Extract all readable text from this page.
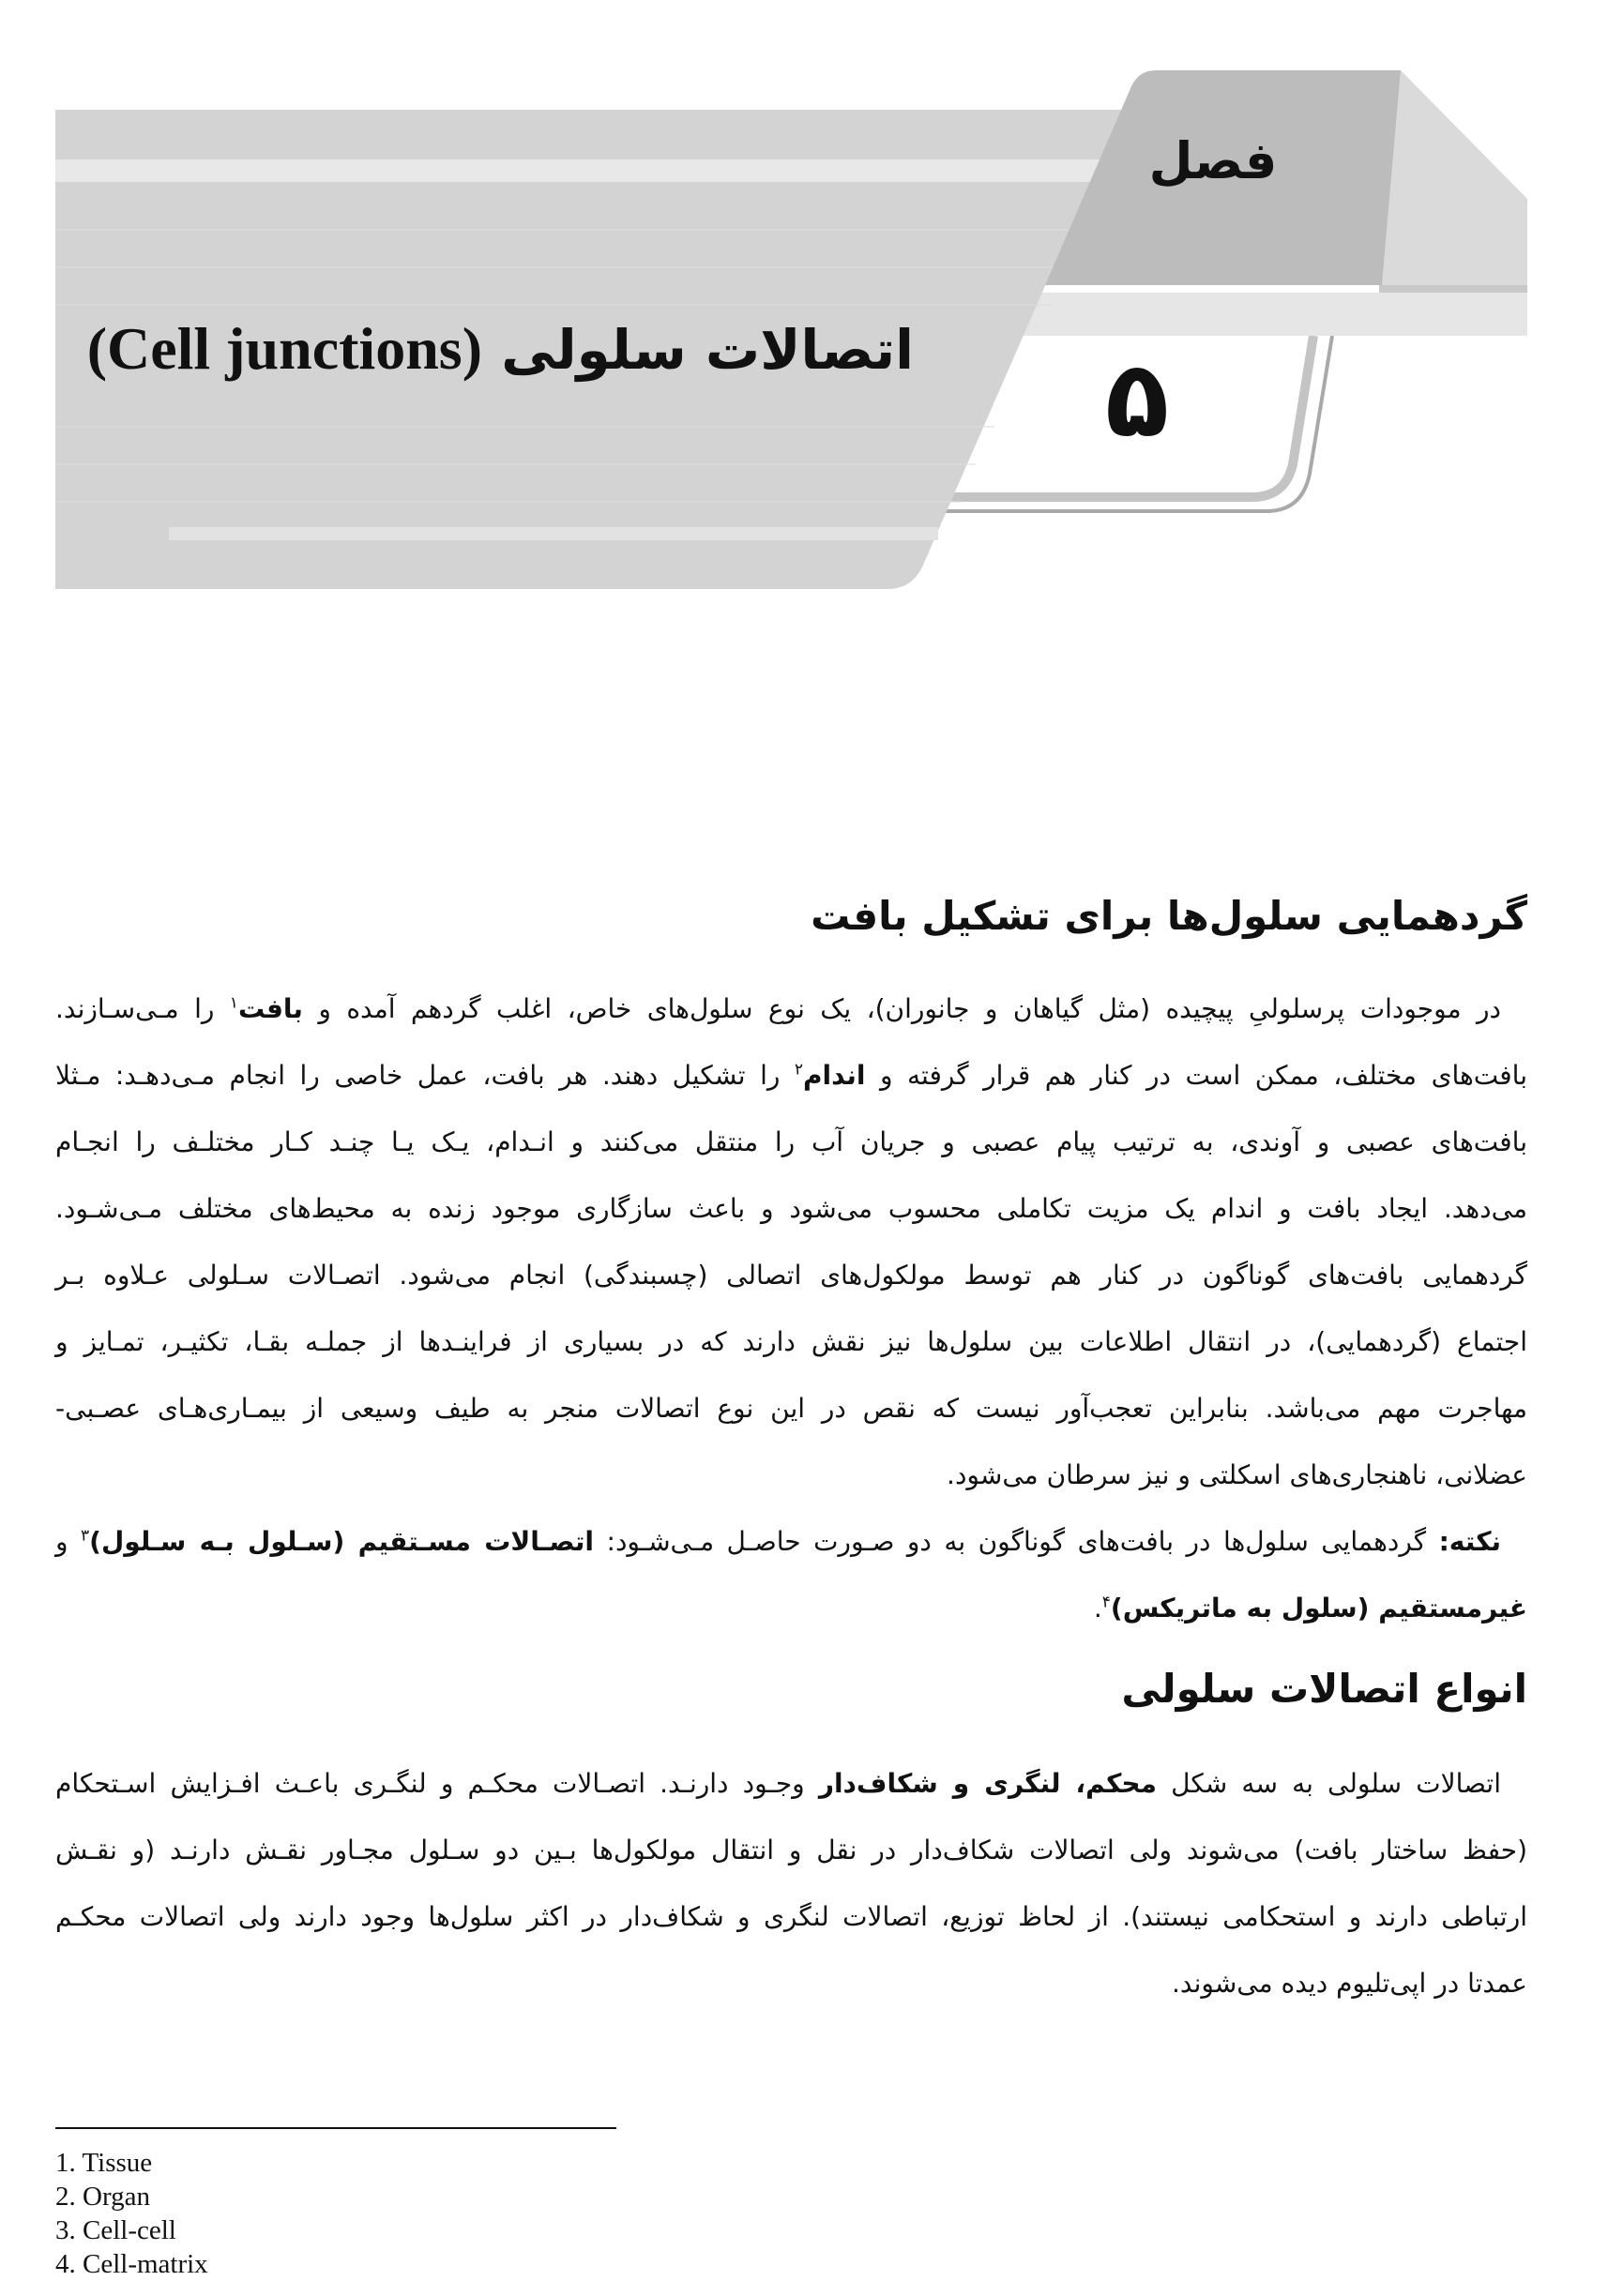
فصل
۵
اتصالات سلولی (Cell junctions)
گردهمایی سلول‌ها برای تشکیل بافت
در موجودات پرسلولیِ پیچیده (مثل گیاهان و جانوران)، یک نوع سلول‌های خاص، اغلب گردهم آمده و بافت$^۱$ را مـی‌سـازند.
بافت‌های مختلف، ممکن است در کنار هم قرار گرفته و اندام$^۲$ را تشکیل دهند. هر بافت، عمل خاصی را انجام مـی‌دهـد: مـثلا
بافت‌های عصبی و آوندی، به ترتیب پیام عصبی و جریان آب را منتقل می‌کنند و انـدام، یـک یـا چنـد کـار مختلـف را انجـام
می‌دهد. ایجاد بافت و اندام یک مزیت تکاملی محسوب می‌شود و باعث سازگاری موجود زنده به محیط‌های مختلف مـی‌شـود.
گردهمایی بافت‌های گوناگون در کنار هم توسط مولکول‌های اتصالی (چسبندگی) انجام می‌شود. اتصـالات سـلولی عـلاوه بـر
اجتماع (گردهمایی)، در انتقال اطلاعات بین سلول‌ها نیز نقش دارند که در بسیاری از فراینـدها از جملـه بقـا، تکثیـر، تمـایز و
مهاجرت مهم می‌باشد. بنابراین تعجب‌آور نیست که نقص در این نوع اتصالات منجر به طیف وسیعی از بیمـاری‌هـای عصـبی-
عضلانی، ناهنجاری‌های اسکلتی و نیز سرطان می‌شود.
نکته: گردهمایی سلول‌ها در بافت‌های گوناگون به دو صـورت حاصـل مـی‌شـود: اتصـالات مسـتقیم (سـلول بـه سـلول)$^۳$ و
غیرمستقیم (سلول به ماتریکس)$^۴$.
انواع اتصالات سلولی
اتصالات سلولی به سه شکل محکم، لنگری و شکاف‌دار وجـود دارنـد. اتصـالات محکـم و لنگـری باعـث افـزایش اسـتحکام
(حفظ ساختار بافت) می‌شوند ولی اتصالات شکاف‌دار در نقل و انتقال مولکول‌ها بـین دو سـلول مجـاور نقـش دارنـد (و نقـش
ارتباطی دارند و استحکامی نیستند). از لحاظ توزیع، اتصالات لنگری و شکاف‌دار در اکثر سلول‌ها وجود دارند ولی اتصالات محکـم
عمدتا در اپی‌تلیوم دیده می‌شوند.
1. Tissue
2. Organ
3. Cell-cell
4. Cell-matrix
